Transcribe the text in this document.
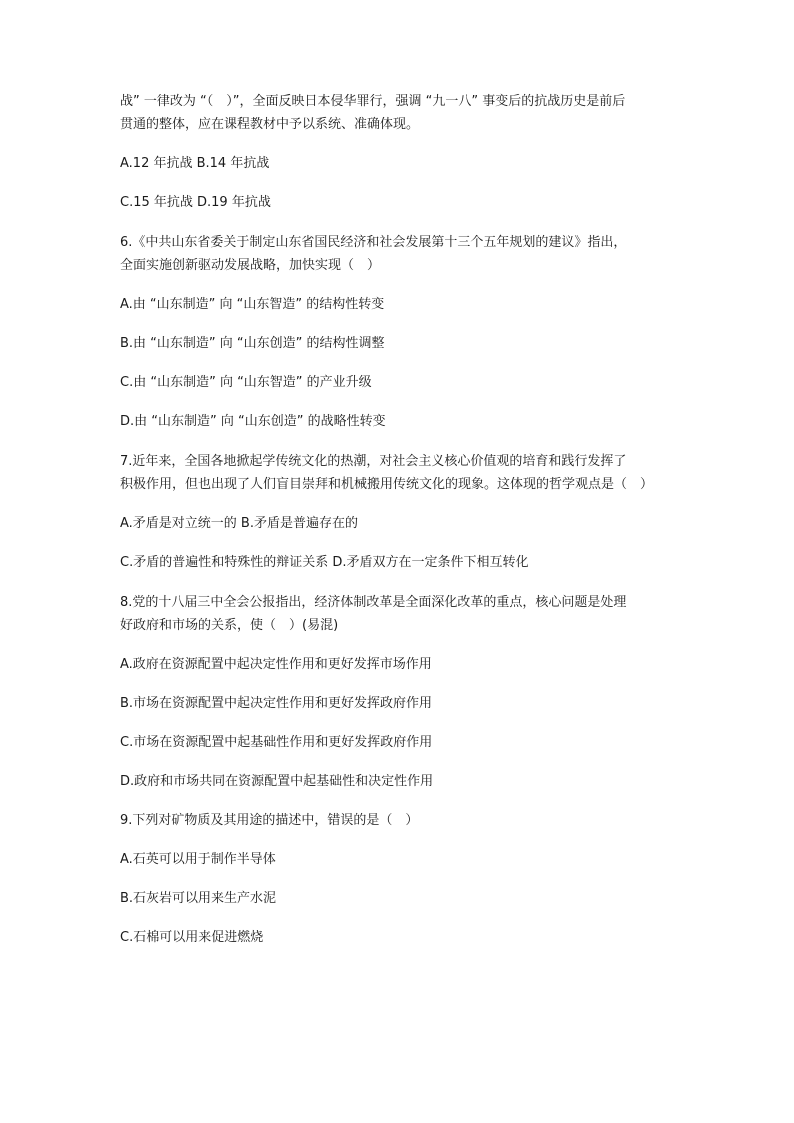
战” 一律改为 “（　）”，全面反映日本侵华罪行，强调 “九一八” 事变后的抗战历史是前后
贯通的整体，应在课程教材中予以系统、准确体现。

A.12 年抗战 B.14 年抗战

C.15 年抗战 D.19 年抗战

6.《中共山东省委关于制定山东省国民经济和社会发展第十三个五年规划的建议》指出，
全面实施创新驱动发展战略，加快实现（　）

A.由 “山东制造” 向 “山东智造” 的结构性转变

B.由 “山东制造” 向 “山东创造” 的结构性调整

C.由 “山东制造” 向 “山东智造” 的产业升级

D.由 “山东制造” 向 “山东创造” 的战略性转变

7.近年来，全国各地掀起学传统文化的热潮，对社会主义核心价值观的培育和践行发挥了
积极作用，但也出现了人们盲目崇拜和机械搬用传统文化的现象。这体现的哲学观点是（　）

A.矛盾是对立统一的 B.矛盾是普遍存在的

C.矛盾的普遍性和特殊性的辩证关系 D.矛盾双方在一定条件下相互转化

8.党的十八届三中全会公报指出，经济体制改革是全面深化改革的重点，核心问题是处理
好政府和市场的关系，使（　）(易混)

A.政府在资源配置中起决定性作用和更好发挥市场作用

B.市场在资源配置中起决定性作用和更好发挥政府作用

C.市场在资源配置中起基础性作用和更好发挥政府作用

D.政府和市场共同在资源配置中起基础性和决定性作用

9.下列对矿物质及其用途的描述中，错误的是（　）

A.石英可以用于制作半导体

B.石灰岩可以用来生产水泥

C.石棉可以用来促进燃烧
